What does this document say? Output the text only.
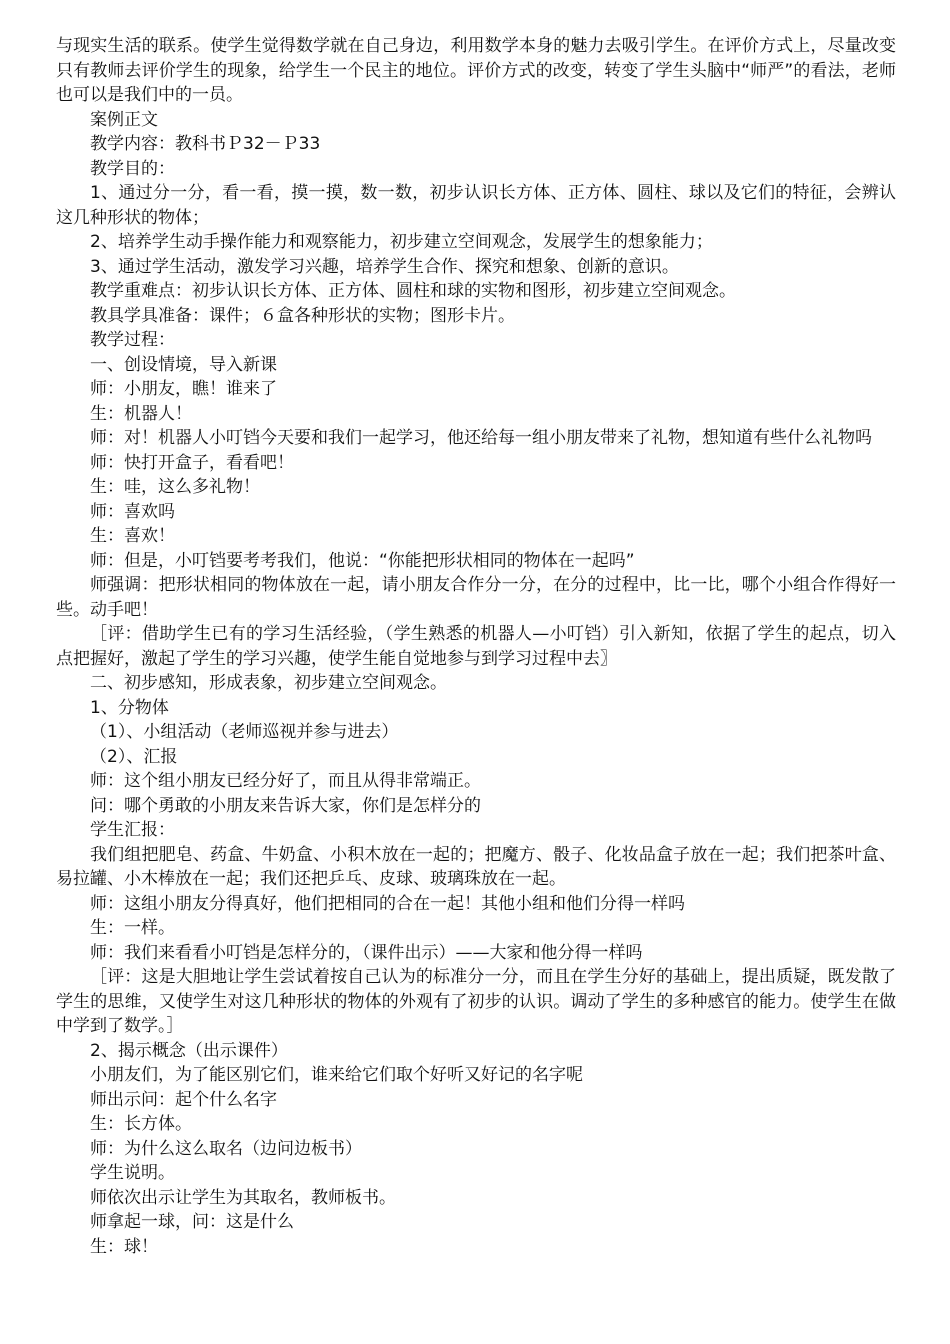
与现实生活的联系。使学生觉得数学就在自己身边，利用数学本身的魅力去吸引学生。在评价方式上，尽量改变只有教师去评价学生的现象，给学生一个民主的地位。评价方式的改变，转变了学生头脑中“师严”的看法，老师也可以是我们中的一员。

案例正文

教学内容：教科书Ｐ32－Ｐ33

教学目的：

1、通过分一分，看一看，摸一摸，数一数，初步认识长方体、正方体、圆柱、球以及它们的特征，会辨认这几种形状的物体；

2、培养学生动手操作能力和观察能力，初步建立空间观念，发展学生的想象能力；

3、通过学生活动，激发学习兴趣，培养学生合作、探究和想象、创新的意识。

教学重难点：初步认识长方体、正方体、圆柱和球的实物和图形，初步建立空间观念。

教具学具准备：课件；６盒各种形状的实物；图形卡片。

教学过程：

一、创设情境，导入新课

师：小朋友，瞧！谁来了

生：机器人！

师：对！机器人小叮铛今天要和我们一起学习，他还给每一组小朋友带来了礼物，想知道有些什么礼物吗

师：快打开盒子，看看吧！

生：哇，这么多礼物！

师：喜欢吗

生：喜欢！

师：但是，小叮铛要考考我们，他说：“你能把形状相同的物体在一起吗”

师强调：把形状相同的物体放在一起，请小朋友合作分一分，在分的过程中，比一比，哪个小组合作得好一些。动手吧！

［评：借助学生已有的学习生活经验，（学生熟悉的机器人—小叮铛）引入新知，依据了学生的起点，切入点把握好，激起了学生的学习兴趣，使学生能自觉地参与到学习过程中去〗

二、初步感知，形成表象，初步建立空间观念。

1、分物体

（1）、小组活动（老师巡视并参与进去）

（2）、汇报

师：这个组小朋友已经分好了，而且从得非常端正。

问：哪个勇敢的小朋友来告诉大家，你们是怎样分的

学生汇报：

我们组把肥皂、药盒、牛奶盒、小积木放在一起的；把魔方、骰子、化妆品盒子放在一起；我们把茶叶盒、易拉罐、小木棒放在一起；我们还把乒乓、皮球、玻璃珠放在一起。

师：这组小朋友分得真好，他们把相同的合在一起！其他小组和他们分得一样吗

生：一样。

师：我们来看看小叮铛是怎样分的，（课件出示）——大家和他分得一样吗

［评：这是大胆地让学生尝试着按自己认为的标准分一分，而且在学生分好的基础上，提出质疑，既发散了学生的思维，又使学生对这几种形状的物体的外观有了初步的认识。调动了学生的多种感官的能力。使学生在做中学到了数学。］

2、揭示概念（出示课件）

小朋友们，为了能区别它们，谁来给它们取个好听又好记的名字呢

师出示问：起个什么名字

生：长方体。

师：为什么这么取名（边问边板书）

学生说明。

师依次出示让学生为其取名，教师板书。

师拿起一球，问：这是什么

生：球！
